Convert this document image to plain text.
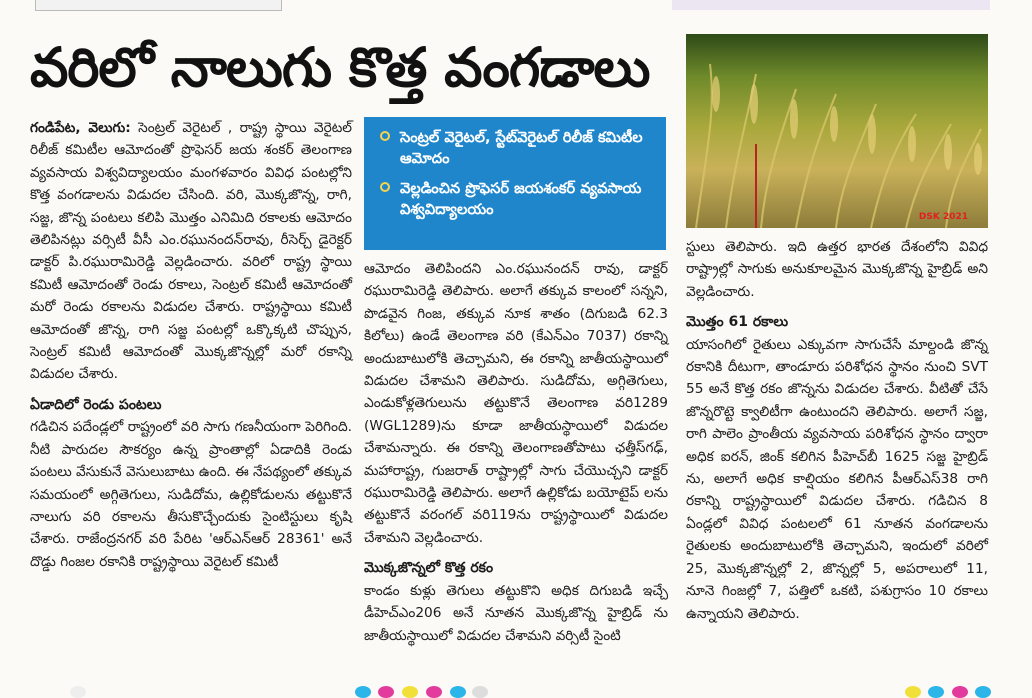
వరిలో నాలుగు కొత్త వంగడాలు
DSK 2021
సెంట్రల్ వెరైటల్, స్టేట్‌వెరైటల్ రిలీజ్ కమిటీల ఆమోదం
వెల్లడించిన ప్రొఫెసర్ జయశంకర్ వ్యవసాయ విశ్వవిద్యాలయం

గండిపేట, వెలుగు: సెంట్రల్ వెరైటల్ , రాష్ట్ర స్థాయి వెరైటల్ రిలీజ్ కమిటీల ఆమోదంతో ప్రొఫెసర్ జయ శంకర్ తెలంగాణ వ్యవసాయ విశ్వవిద్యాలయం మంగళవారం వివిధ పంటల్లోని కొత్త వంగడాలను విడుదల చేసింది. వరి, మొక్కజొన్న, రాగి, సజ్జ, జొన్న పంటలు కలిపి మొత్తం ఎనిమిది రకాలకు ఆమోదం తెలిపినట్లు వర్సిటీ వీసీ ఎం.రఘునందన్‌రావు, రీసెర్చ్ డైరెక్టర్ డాక్టర్ పి.రఘురామిరెడ్డి వెల్లడించారు. వరిలో రాష్ట్ర స్థాయి కమిటీ ఆమోదంతో రెండు రకాలు, సెంట్రల్ కమిటీ ఆమోదంతో మరో రెండు రకాలను విడుదల చేశారు. రాష్ట్రస్థాయి కమిటీ ఆమోదంతో జొన్న, రాగి సజ్జ పంటల్లో ఒక్కొక్కటి చొప్పున, సెంట్రల్ కమిటీ ఆమోదంతో మొక్కజొన్నల్లో మరో రకాన్ని విడుదల చేశారు.

ఏడాదిలో రెండు పంటలు

గడిచిన పదేండ్లలో రాష్ట్రంలో వరి సాగు గణనీయంగా పెరిగింది. నీటి పారుదల సౌకర్యం ఉన్న ప్రాంతాల్లో ఏడాదికి రెండు పంటలు వేసుకునే వెసులుబాటు ఉంది. ఈ నేపథ్యంలో తక్కువ సమయంలో అగ్గితెగులు, సుడిదోమ, ఉల్లికోడులను తట్టుకొనే నాలుగు వరి రకాలను తీసుకొచ్చేందుకు సైంటిస్టులు కృషి చేశారు. రాజేంద్రనగర్ వరి పేరిట 'ఆర్ఎన్ఆర్ 28361' అనే దొడ్డు గింజల రకానికి రాష్ట్రస్థాయి వెరైటల్ కమిటీ

ఆమోదం తెలిపిందని ఎం.రఘునందన్ రావు, డాక్టర్ రఘురామిరెడ్డి తెలిపారు. అలాగే తక్కువ కాలంలో సన్నని, పొడవైన గింజ, తక్కువ నూక శాతం (దిగుబడి 62.3 కిలోలు) ఉండే తెలంగాణ వరి (కేఎన్ఎం 7037) రకాన్ని అందుబాటులోకి తెచ్చామని, ఈ రకాన్ని జాతీయస్థాయిలో విడుదల చేశామని తెలిపారు. సుడిదోమ, అగ్గితెగులు, ఎండుకోళ్లతెగులును తట్టుకొనే తెలంగాణ వరి1289 (WGL1289)ను కూడా జాతీయస్థాయిలో విడుదల చేశామన్నారు. ఈ రకాన్ని తెలంగాణతోపాటు ఛత్తీస్‌గఢ్, మహారాష్ట్ర, గుజరాత్ రాష్ట్రాల్లో సాగు చేయొచ్చని డాక్టర్ రఘురామిరెడ్డి తెలిపారు. అలాగే ఉల్లికోడు బయోటైప్ లను తట్టుకొనే వరంగల్ వరి119ను రాష్ట్రస్థాయిలో విడుదల చేశామని వెల్లడించారు.

మొక్కజొన్నలో కొత్త రకం

కాండం కుళ్లు తెగులు తట్టుకొని అధిక దిగుబడి ఇచ్చే డీహెచ్ఎం206 అనే నూతన మొక్కజొన్న హైబ్రిడ్ ను జాతీయస్థాయిలో విడుదల చేశామని వర్సిటీ సైంటి

స్టులు తెలిపారు. ఇది ఉత్తర భారత దేశంలోని వివిధ రాష్ట్రాల్లో సాగుకు అనుకూలమైన మొక్కజొన్న హైబ్రిడ్ అని వెల్లడించారు.

మొత్తం 61 రకాలు

యాసంగిలో రైతులు ఎక్కువగా సాగుచేసే మాల్దండి జొన్న రకానికి దీటుగా, తాండూరు పరిశోధన స్థానం నుంచి SVT 55 అనే కొత్త రకం జొన్నను విడుదల చేశారు. వీటితో చేసే జొన్నరొట్టె క్వాలిటీగా ఉంటుందని తెలిపారు. అలాగే సజ్జ, రాగి పాలెం ప్రాంతీయ వ్యవసాయ పరిశోధన స్థానం ద్వారా అధిక ఐరన్, జింక్ కలిగిన పీహెచ్‌బీ 1625 సజ్జ హైబ్రిడ్ ను, అలాగే అధిక కాల్షియం కలిగిన పీఆర్ఎస్38 రాగి రకాన్ని రాష్ట్రస్థాయిలో విడుదల చేశారు. గడిచిన 8 ఏండ్లలో వివిధ పంటలలో 61 నూతన వంగడాలను రైతులకు అందుబాటులోకి తెచ్చామని, ఇందులో వరిలో 25, మొక్కజొన్నల్లో 2, జొన్నల్లో 5, అపరాలులో 11, నూనె గింజల్లో 7, పత్తిలో ఒకటి, పశుగ్రాసం 10 రకాలు ఉన్నాయని తెలిపారు.
